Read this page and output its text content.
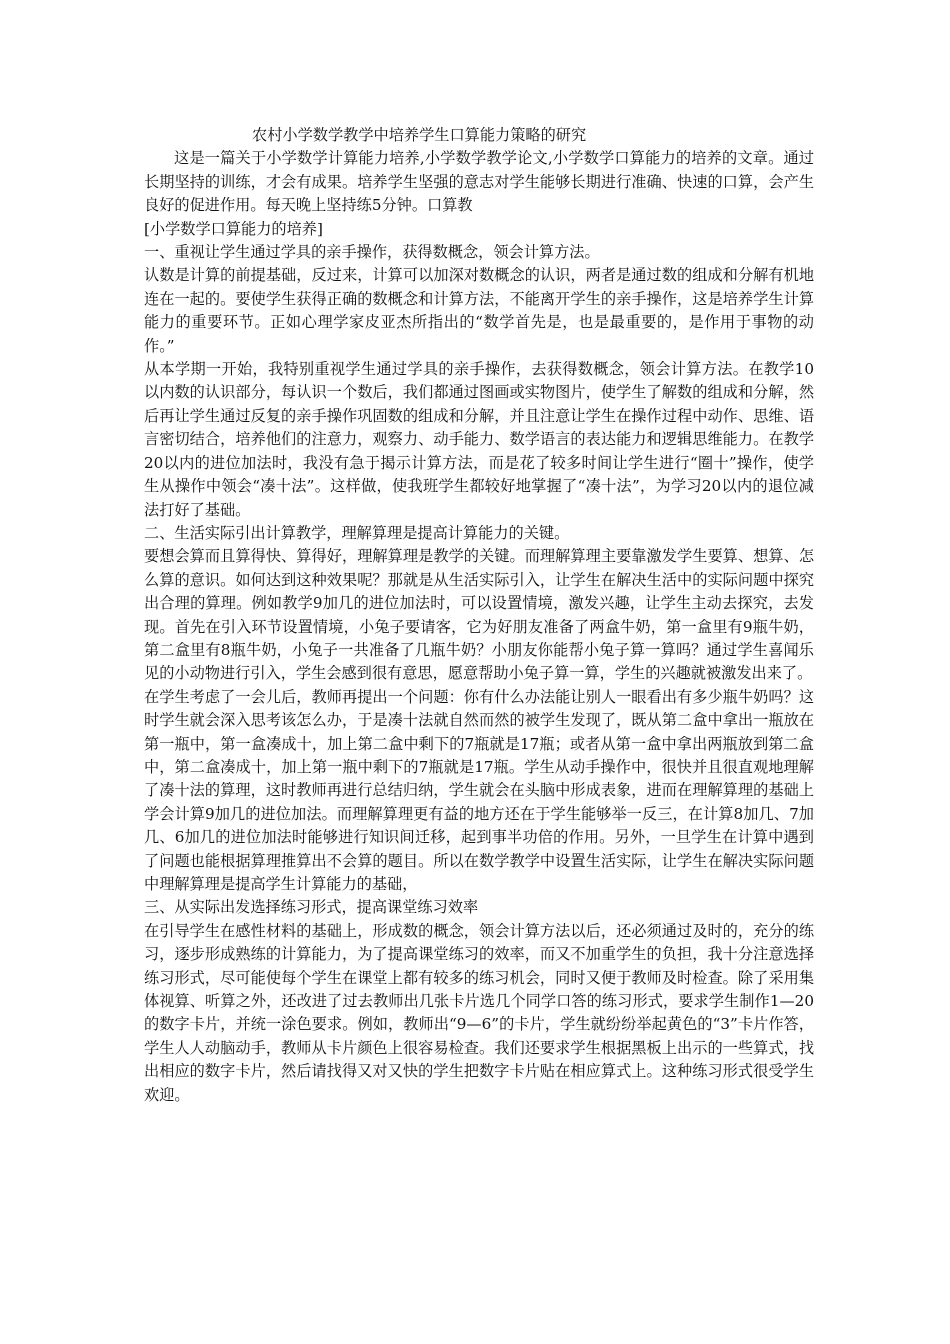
农村小学数学教学中培养学生口算能力策略的研究

这是一篇关于小学数学计算能力培养,小学数学教学论文,小学数学口算能力的培养的文章。通过长期坚持的训练，才会有成果。培养学生坚强的意志对学生能够长期进行准确、快速的口算，会产生良好的促进作用。每天晚上坚持练5分钟。口算教

[小学数学口算能力的培养]

一、重视让学生通过学具的亲手操作，获得数概念，领会计算方法。

认数是计算的前提基础，反过来，计算可以加深对数概念的认识，两者是通过数的组成和分解有机地连在一起的。要使学生获得正确的数概念和计算方法，不能离开学生的亲手操作，这是培养学生计算能力的重要环节。正如心理学家皮亚杰所指出的“数学首先是，也是最重要的，是作用于事物的动作。”

从本学期一开始，我特别重视学生通过学具的亲手操作，去获得数概念，领会计算方法。在教学10以内数的认识部分，每认识一个数后，我们都通过图画或实物图片，使学生了解数的组成和分解，然后再让学生通过反复的亲手操作巩固数的组成和分解，并且注意让学生在操作过程中动作、思维、语言密切结合，培养他们的注意力，观察力、动手能力、数学语言的表达能力和逻辑思维能力。在教学20以内的进位加法时，我没有急于揭示计算方法，而是花了较多时间让学生进行“圈十”操作，使学生从操作中领会“凑十法”。这样做，使我班学生都较好地掌握了“凑十法”，为学习20以内的退位减法打好了基础。

二、生活实际引出计算教学，理解算理是提高计算能力的关键。

要想会算而且算得快、算得好，理解算理是教学的关键。而理解算理主要靠激发学生要算、想算、怎么算的意识。如何达到这种效果呢？那就是从生活实际引入，让学生在解决生活中的实际问题中探究出合理的算理。例如教学9加几的进位加法时，可以设置情境，激发兴趣，让学生主动去探究，去发现。首先在引入环节设置情境，小兔子要请客，它为好朋友准备了两盒牛奶，第一盒里有9瓶牛奶，第二盒里有8瓶牛奶，小兔子一共准备了几瓶牛奶？小朋友你能帮小兔子算一算吗？通过学生喜闻乐见的小动物进行引入，学生会感到很有意思，愿意帮助小兔子算一算，学生的兴趣就被激发出来了。

在学生考虑了一会儿后，教师再提出一个问题：你有什么办法能让别人一眼看出有多少瓶牛奶吗？这时学生就会深入思考该怎么办，于是凑十法就自然而然的被学生发现了，既从第二盒中拿出一瓶放在第一瓶中，第一盒凑成十，加上第二盒中剩下的7瓶就是17瓶；或者从第一盒中拿出两瓶放到第二盒中，第二盒凑成十，加上第一瓶中剩下的7瓶就是17瓶。学生从动手操作中，很快并且很直观地理解了凑十法的算理，这时教师再进行总结归纳，学生就会在头脑中形成表象，进而在理解算理的基础上学会计算9加几的进位加法。而理解算理更有益的地方还在于学生能够举一反三，在计算8加几、7加几、6加几的进位加法时能够进行知识间迁移，起到事半功倍的作用。另外，一旦学生在计算中遇到了问题也能根据算理推算出不会算的题目。所以在数学教学中设置生活实际，让学生在解决实际问题中理解算理是提高学生计算能力的基础，

三、从实际出发选择练习形式，提高课堂练习效率

在引导学生在感性材料的基础上，形成数的概念，领会计算方法以后，还必须通过及时的，充分的练习，逐步形成熟练的计算能力，为了提高课堂练习的效率，而又不加重学生的负担，我十分注意选择练习形式，尽可能使每个学生在课堂上都有较多的练习机会，同时又便于教师及时检查。除了采用集体视算、听算之外，还改进了过去教师出几张卡片选几个同学口答的练习形式，要求学生制作1—20的数字卡片，并统一涂色要求。例如，教师出“9—6”的卡片，学生就纷纷举起黄色的“3”卡片作答，学生人人动脑动手，教师从卡片颜色上很容易检查。我们还要求学生根据黑板上出示的一些算式，找出相应的数字卡片，然后请找得又对又快的学生把数字卡片贴在相应算式上。这种练习形式很受学生欢迎。
